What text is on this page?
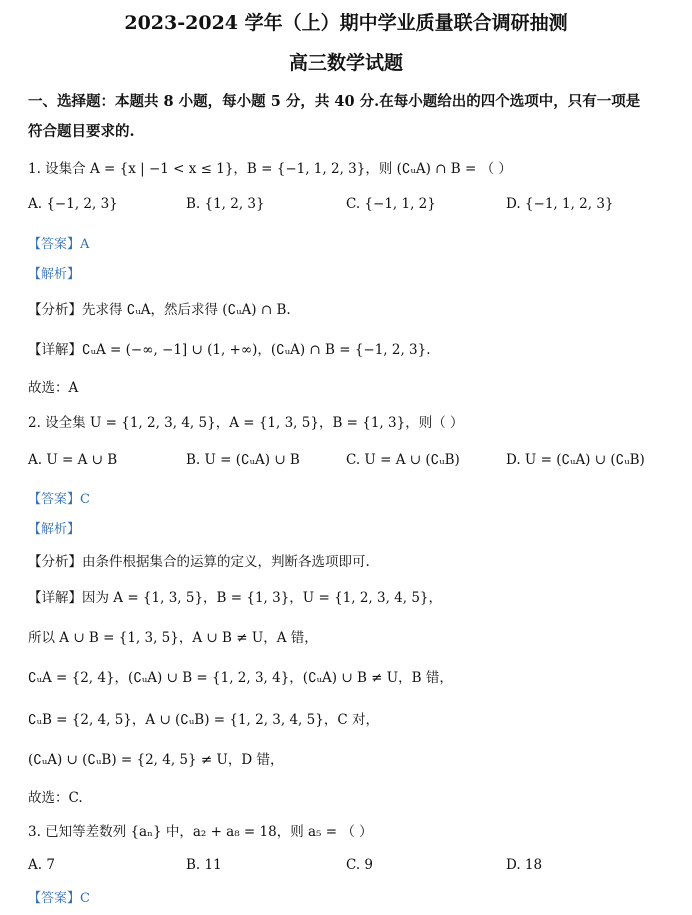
2023-2024 学年（上）期中学业质量联合调研抽测
高三数学试题
一、选择题：本题共 8 小题，每小题 5 分，共 40 分.在每小题给出的四个选项中，只有一项是
符合题目要求的.
1. 设集合 A = {x | −1 < x ≤ 1}，B = {−1, 1, 2, 3}，则 (∁ᵤA) ∩ B = （ ）
A. {−1, 2, 3}	B. {1, 2, 3}	C. {−1, 1, 2}	D. {−1, 1, 2, 3}
【答案】A
【解析】
【分析】先求得 ∁ᵤA，然后求得 (∁ᵤA) ∩ B.
【详解】∁ᵤA = (−∞, −1] ∪ (1, +∞)，(∁ᵤA) ∩ B = {−1, 2, 3}.
故选：A
2. 设全集 U = {1, 2, 3, 4, 5}，A = {1, 3, 5}，B = {1, 3}，则（ ）
A. U = A ∪ B	B. U = (∁ᵤA) ∪ B	C. U = A ∪ (∁ᵤB)	D. U = (∁ᵤA) ∪ (∁ᵤB)
【答案】C
【解析】
【分析】由条件根据集合的运算的定义，判断各选项即可.
【详解】因为 A = {1, 3, 5}，B = {1, 3}，U = {1, 2, 3, 4, 5}，
所以 A ∪ B = {1, 3, 5}，A ∪ B ≠ U，A 错，
∁ᵤA = {2, 4}，(∁ᵤA) ∪ B = {1, 2, 3, 4}，(∁ᵤA) ∪ B ≠ U，B 错，
∁ᵤB = {2, 4, 5}，A ∪ (∁ᵤB) = {1, 2, 3, 4, 5}，C 对，
(∁ᵤA) ∪ (∁ᵤB) = {2, 4, 5} ≠ U，D 错，
故选：C.
3. 已知等差数列 {aₙ} 中，a₂ + a₈ = 18，则 a₅ = （ ）
A. 7	B. 11	C. 9	D. 18
【答案】C
